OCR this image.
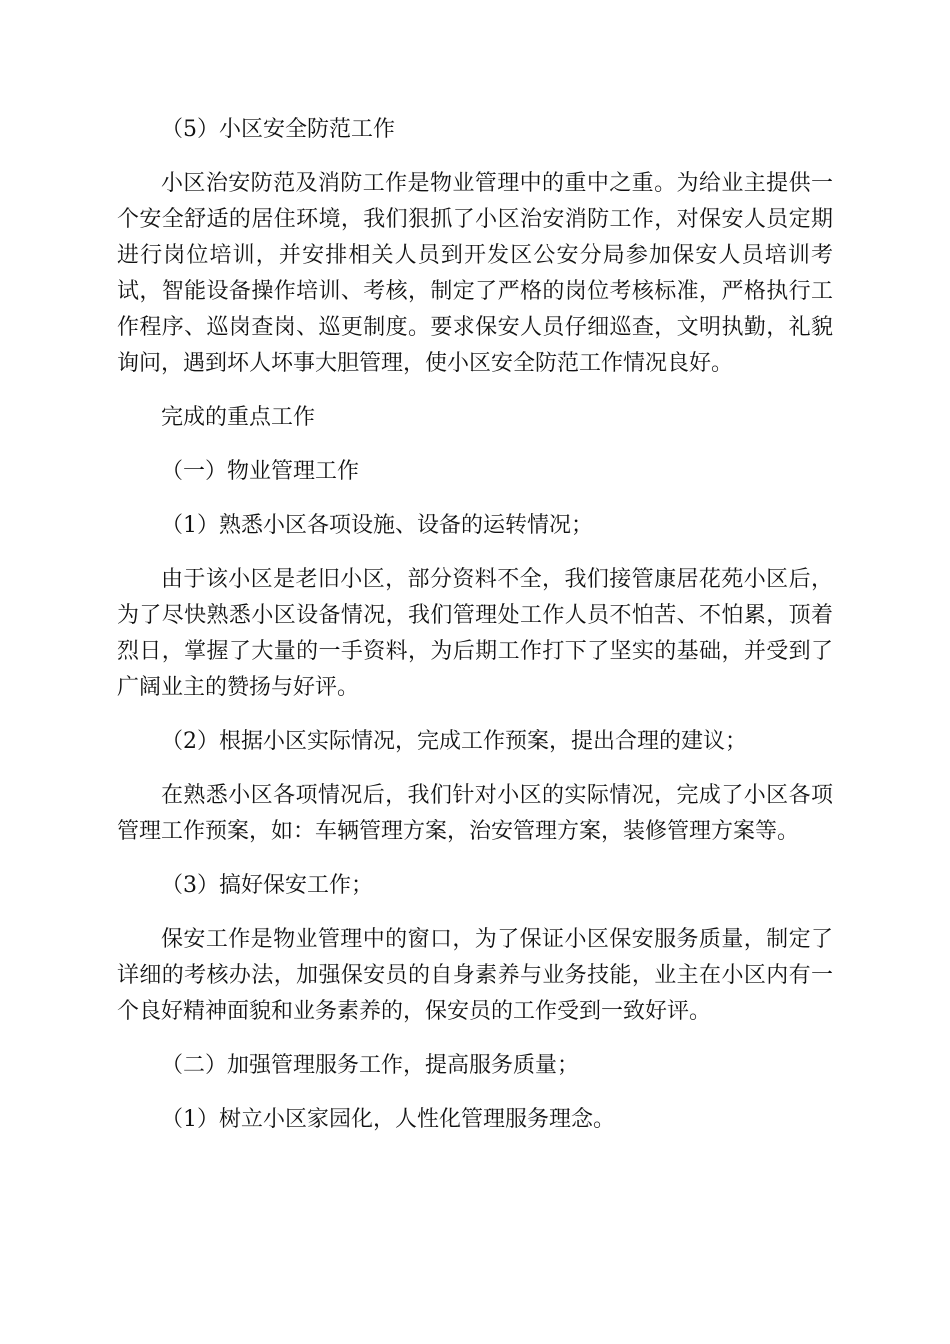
（5）小区安全防范工作

小区治安防范及消防工作是物业管理中的重中之重。为给业主提供一个安全舒适的居住环境，我们狠抓了小区治安消防工作，对保安人员定期进行岗位培训，并安排相关人员到开发区公安分局参加保安人员培训考试，智能设备操作培训、考核，制定了严格的岗位考核标准，严格执行工作程序、巡岗查岗、巡更制度。要求保安人员仔细巡查，文明执勤，礼貌询问，遇到坏人坏事大胆管理，使小区安全防范工作情况良好。

完成的重点工作

（一）物业管理工作

（1）熟悉小区各项设施、设备的运转情况；

由于该小区是老旧小区，部分资料不全，我们接管康居花苑小区后，为了尽快熟悉小区设备情况，我们管理处工作人员不怕苦、不怕累，顶着烈日，掌握了大量的一手资料，为后期工作打下了坚实的基础，并受到了广阔业主的赞扬与好评。

（2）根据小区实际情况，完成工作预案，提出合理的建议；

在熟悉小区各项情况后，我们针对小区的实际情况，完成了小区各项管理工作预案，如：车辆管理方案，治安管理方案，装修管理方案等。

（3）搞好保安工作；

保安工作是物业管理中的窗口，为了保证小区保安服务质量，制定了详细的考核办法，加强保安员的自身素养与业务技能，业主在小区内有一个良好精神面貌和业务素养的，保安员的工作受到一致好评。

（二）加强管理服务工作，提高服务质量；

（1）树立小区家园化，人性化管理服务理念。
